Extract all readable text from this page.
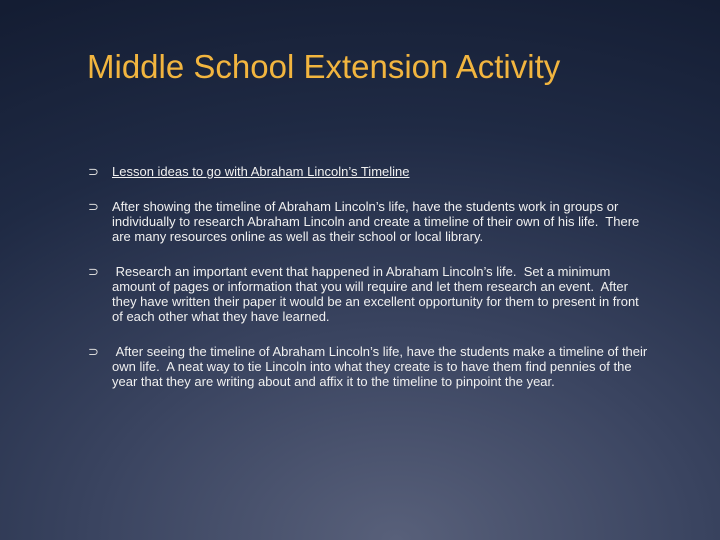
Middle School Extension Activity
⊃ Lesson ideas to go with Abraham Lincoln’s Timeline
⊃ After showing the timeline of Abraham Lincoln’s life, have the students work in groups or individually to research Abraham Lincoln and create a timeline of their own of his life.  There are many resources online as well as their school or local library.
⊃ Research an important event that happened in Abraham Lincoln’s life.  Set a minimum amount of pages or information that you will require and let them research an event.  After they have written their paper it would be an excellent opportunity for them to present in front of each other what they have learned.
⊃ After seeing the timeline of Abraham Lincoln’s life, have the students make a timeline of their own life.  A neat way to tie Lincoln into what they create is to have them find pennies of the year that they are writing about and affix it to the timeline to pinpoint the year.
